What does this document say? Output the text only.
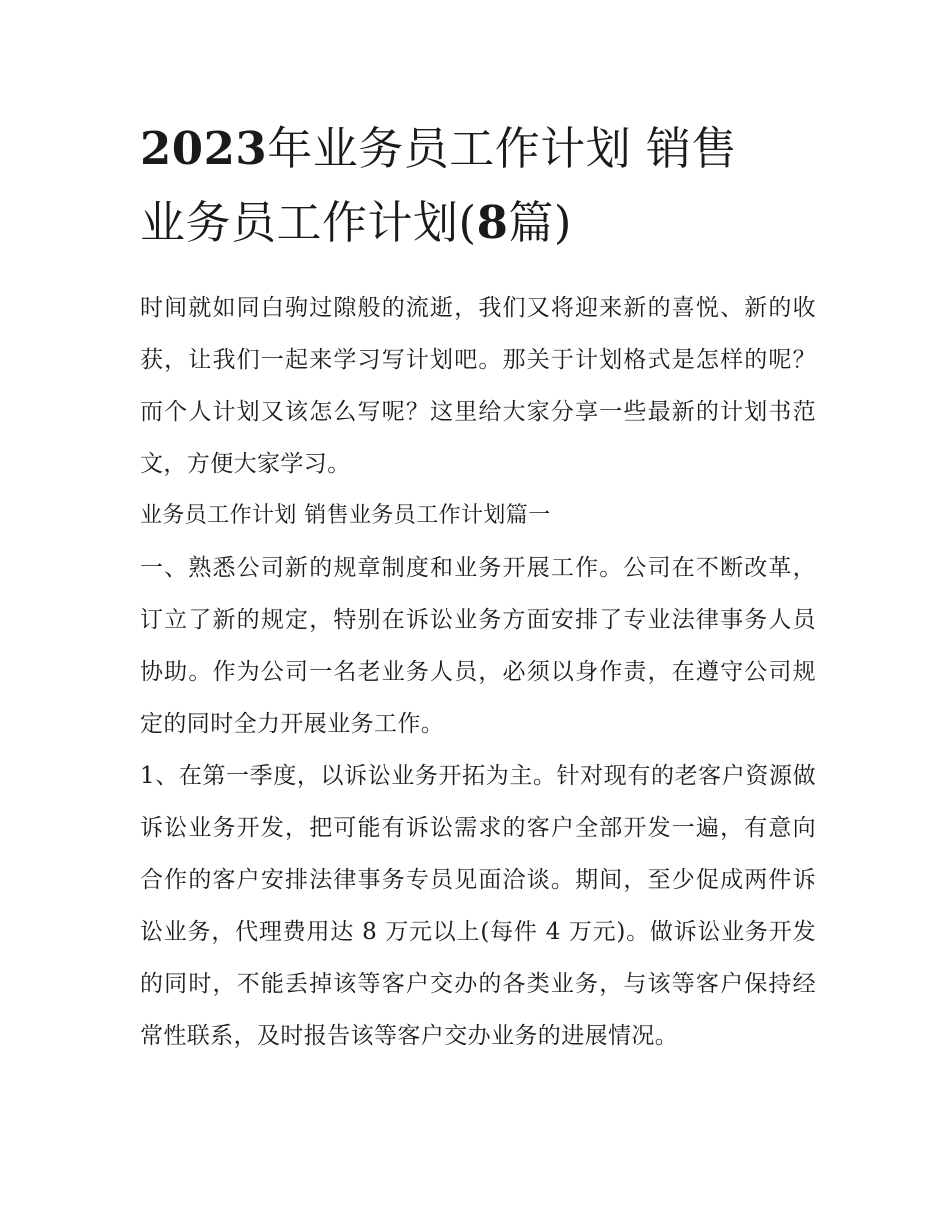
2023年业务员工作计划 销售
业务员工作计划(8篇)

时间就如同白驹过隙般的流逝，我们又将迎来新的喜悦、新的收获，让我们一起来学习写计划吧。那关于计划格式是怎样的呢？而个人计划又该怎么写呢？这里给大家分享一些最新的计划书范文，方便大家学习。

业务员工作计划 销售业务员工作计划篇一

一、熟悉公司新的规章制度和业务开展工作。公司在不断改革，订立了新的规定，特别在诉讼业务方面安排了专业法律事务人员协助。作为公司一名老业务人员，必须以身作责，在遵守公司规定的同时全力开展业务工作。

1、在第一季度，以诉讼业务开拓为主。针对现有的老客户资源做诉讼业务开发，把可能有诉讼需求的客户全部开发一遍，有意向合作的客户安排法律事务专员见面洽谈。期间，至少促成两件诉讼业务，代理费用达 8 万元以上(每件 4 万元)。做诉讼业务开发的同时，不能丢掉该等客户交办的各类业务，与该等客户保持经常性联系，及时报告该等客户交办业务的进展情况。
